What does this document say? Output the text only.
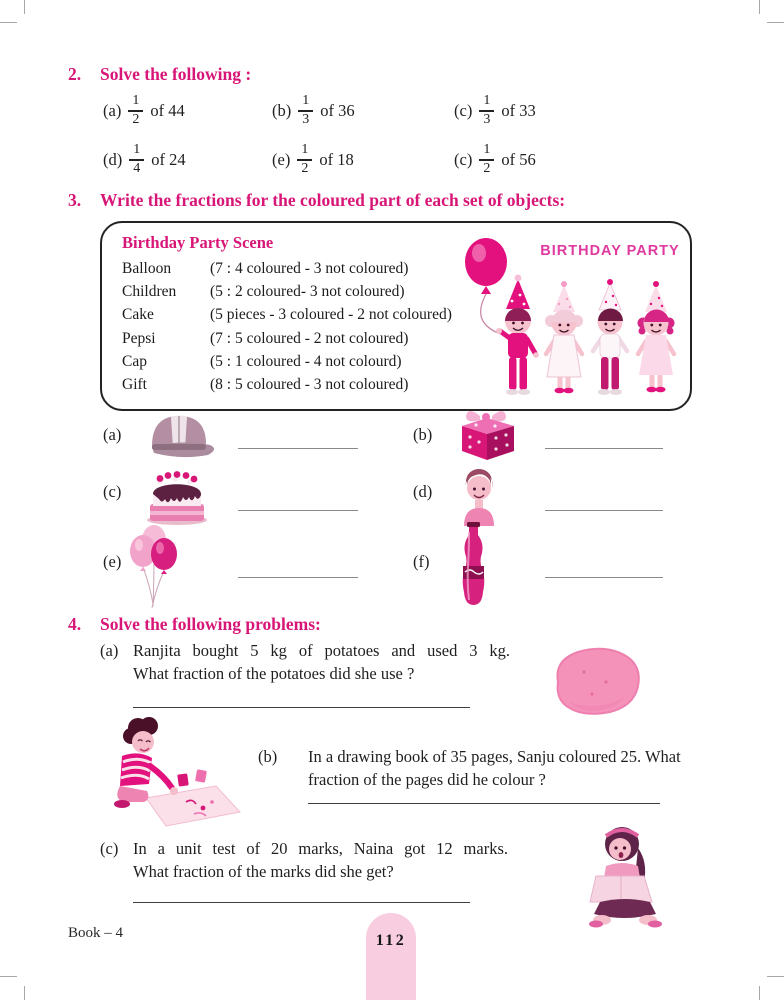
2. Solve the following :
$(a) \frac{1}{2}$ of 44	$(b) \frac{1}{3}$ of 36	$(c) \frac{1}{3}$ of 33
$(d) \frac{1}{4}$ of 24	$(e) \frac{1}{2}$ of 18	$(c) \frac{1}{2}$ of 56
3. Write the fractions for the coloured part of each set of objects:
Birthday Party Scene
Balloon	(7 : 4 coloured - 3 not coloured)
Children	(5 : 2 coloured- 3 not coloured)
Cake	(5 pieces - 3 coloured - 2 not coloured)
Pepsi	(7 : 5 coloured - 2 not coloured)
Cap	(5 : 1 coloured - 4 not colourd)
Gift	(8 : 5 coloured - 3 not coloured)
BIRTHDAY PARTY
(a)	(b)
(c)	(d)
(e)	(f)
4. Solve the following problems:
(a) Ranjita bought 5 kg of potatoes and used 3 kg.
What fraction of the potatoes did she use ?
(b) In a drawing book of 35 pages, Sanju coloured 25. What
fraction of the pages did he colour ?
(c) In a unit test of 20 marks, Naina got 12 marks.
What fraction of the marks did she get?
Book – 4	112
